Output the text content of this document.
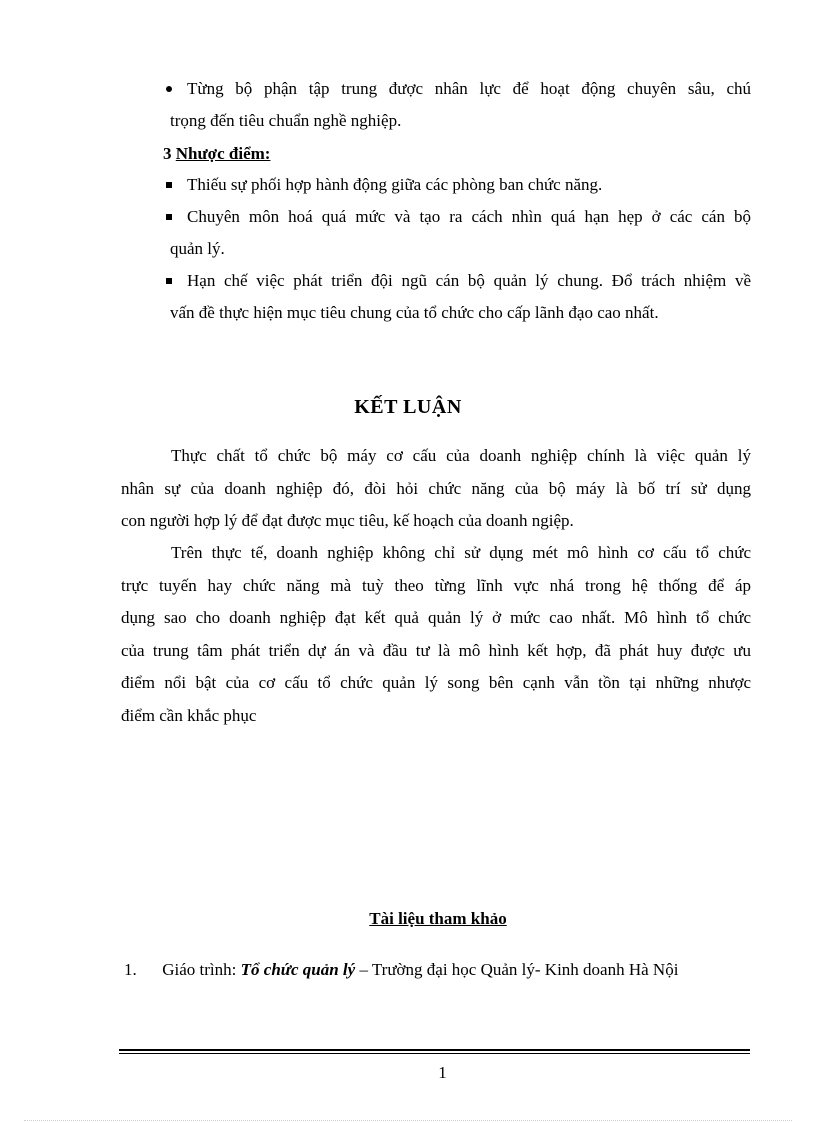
Từng bộ phận tập trung được nhân lực để hoạt động chuyên sâu, chú
trọng đến tiêu chuẩn nghề nghiệp.
3 Nhược điểm:
Thiếu sự phối hợp hành động giữa các phòng ban chức năng.
Chuyên môn hoá quá mức và tạo ra cách nhìn quá hạn hẹp ở các cán bộ
quản lý.
Hạn chế việc phát triển đội ngũ cán bộ quản lý chung. Đổ trách nhiệm về
vấn đề thực hiện mục tiêu chung của tổ chức cho cấp lãnh đạo cao nhất.
KẾT LUẬN
Thực chất tổ chức bộ máy cơ cấu của doanh nghiệp chính là việc quản lý
nhân sự của doanh nghiệp đó, đòi hỏi chức năng của bộ máy là bố trí sử dụng
con người hợp lý để đạt được mục tiêu, kế hoạch của doanh ngiệp.
Trên thực tế, doanh nghiệp không chỉ sử dụng mét mô hình cơ cấu tổ chức
trực tuyến hay chức năng mà tuỳ theo từng lĩnh vực nhá trong hệ thống để áp
dụng sao cho doanh nghiệp đạt kết quả quản lý ở mức cao nhất. Mô hình tổ chức
của trung tâm phát triển dự án và đầu tư là mô hình kết hợp, đã phát huy được ưu
điểm nổi bật của cơ cấu tổ chức quản lý song bên cạnh vẫn tồn tại những nhược
điểm cần khắc phục
Tài liệu tham khảo
1. Giáo trình: Tổ chức quản lý – Trường đại học Quản lý- Kinh doanh Hà Nội
1
